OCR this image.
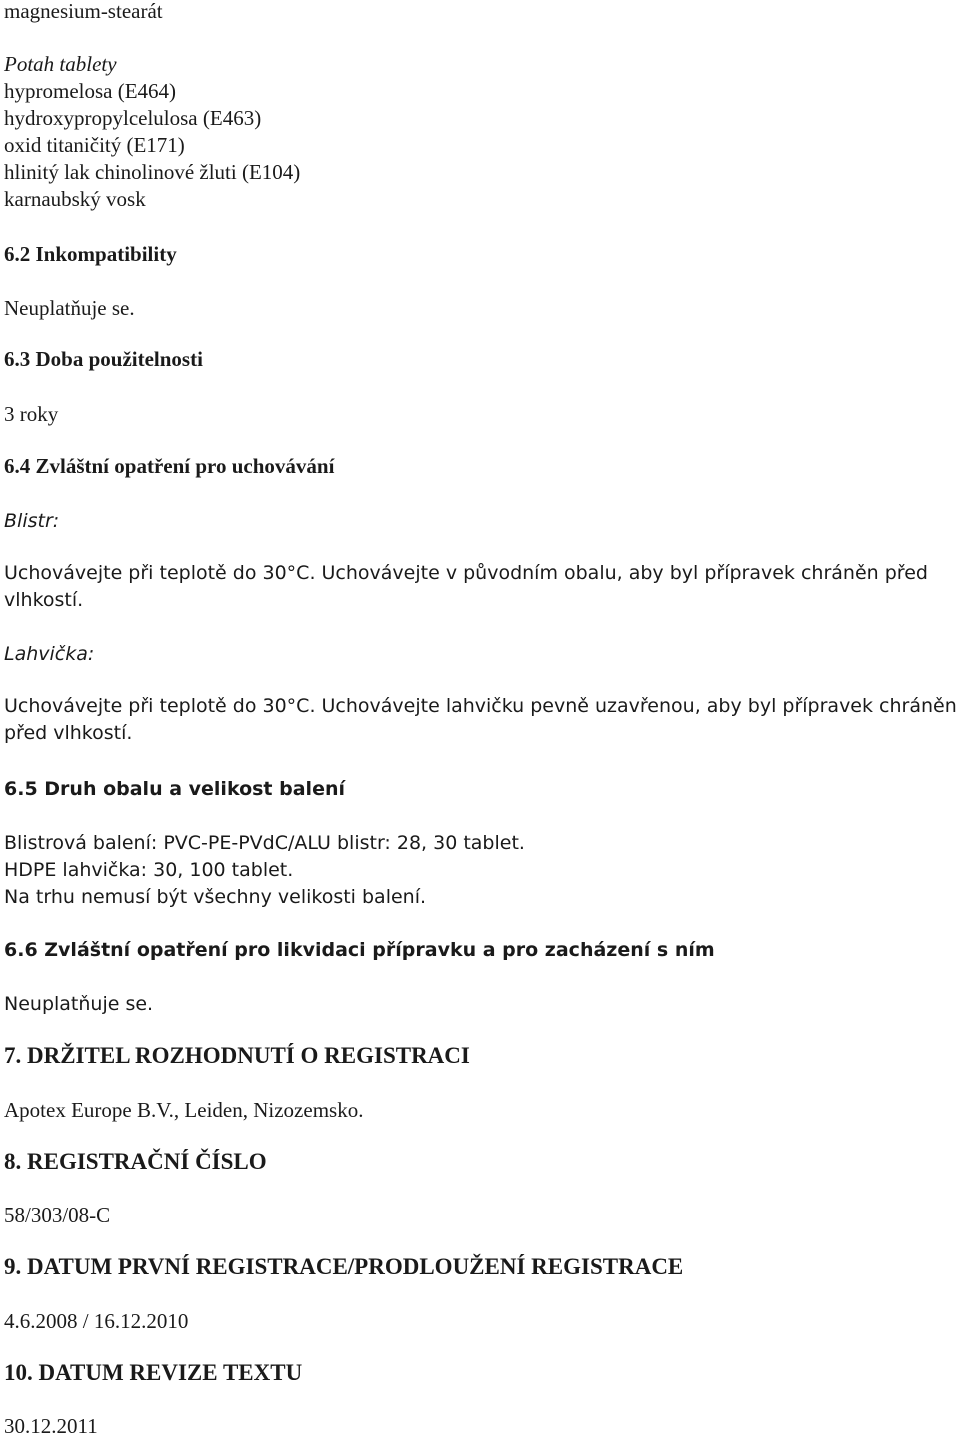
magnesium-stearát
Potah tablety
hypromelosa (E464)
hydroxypropylcelulosa (E463)
oxid titaničitý (E171)
hlinitý lak chinolinové žluti (E104)
karnaubský vosk
6.2 Inkompatibility
Neuplatňuje se.
6.3 Doba použitelnosti
3 roky
6.4 Zvláštní opatření pro uchovávání
Blistr:
Uchovávejte při teplotě do 30°C. Uchovávejte v původním obalu, aby byl přípravek chráněn před
vlhkostí.
Lahvička:
Uchovávejte při teplotě do 30°C. Uchovávejte lahvičku pevně uzavřenou, aby byl přípravek chráněn
před vlhkostí.
6.5 Druh obalu a velikost balení
Blistrová balení: PVC-PE-PVdC/ALU blistr: 28, 30 tablet.
HDPE lahvička: 30, 100 tablet.
Na trhu nemusí být všechny velikosti balení.
6.6 Zvláštní opatření pro likvidaci přípravku a pro zacházení s ním
Neuplatňuje se.
7. DRŽITEL ROZHODNUTÍ O REGISTRACI
Apotex Europe B.V., Leiden, Nizozemsko.
8. REGISTRAČNÍ ČÍSLO
58/303/08-C
9. DATUM PRVNÍ REGISTRACE/PRODLOUŽENÍ REGISTRACE
4.6.2008 / 16.12.2010
10. DATUM REVIZE TEXTU
30.12.2011
